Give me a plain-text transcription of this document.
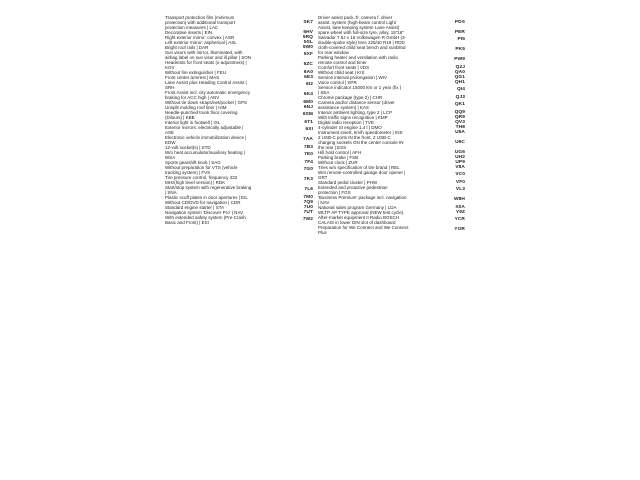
Transport protection film (minimum
protection) with additional transport
protection measures | LAC
SK7
Decorative inserts | EIN	5HV
Right exterior mirror: convex | ASR	5RQ
Left exterior mirror: aspherical | ASL	5SL
Bright roof rails | DAR	5W0
Sun visors with mirror, illuminated, with
airbag label on sun visor and ill.pillar | SON	5XF
Headrests for front seats (x-adjustment) |
KOV	5ZC
Without fire extinguisher | FEU	6A0
Front center armrest | MAS	6E3
Lane Assist plus Heading Control Assist |
SRH	6I2
Front Assist incl. city automatic emergency
braking for ACC high | ANV	6K4
Without tie down straps/net/pocket | GPS	6M0
Unsplit molding roof liner | HIM	6NJ
Needle-punched trunk floor covering
(Dilours) | KBB	6SM
Interior light in footwell | IXL	6T1
Exterior mirrors: electrically adjustable |
ASE	6XI
Electronic vehicle immobilization device |
EDW	7AA
12-volt socket(s) | STD	7B3
W/o heat accumulator/auxiliary heating |
WSA	7E0
Sports gearshift knob | SAG	7F4
Without preparation for VTS (vehicle
tracking system) | FVS	7G0
Tire pressure control, frequency 433
MHz(high level version) | RDK	7K3
Start/stop system with regenerative braking
| SNA	7L6
Plastic scuff plates in door apertures | EIL	7M0
Without CD/DVD for navigation | CDR	7Q9
Standard engine starter | STA	7U0
Navigation system 'Discover Pro' | NAV	7UT
With extended safety system (Pre-Crash
Basic and Front) | ESI	7W2
Driver assist pack.:fr. camera f. driver
assist. system (high-beam control Light
Assist, lane keeping system Lane Assist)
PDS
spare wheel with full-size tyre, alloy, 15"16"	PER
Salvador 7.5J x 16 Volkswagen R GmbH (3-
double-spoke style) tires 225/40 R18 | RDD	PI5
cloth-covered child seat bench and sunblind
for rear window	PK5
Parking heater and ventilation with radio
remote control and timer	PW9
Comfort front seats | VDS	Q2J
Without child seat | KIS	QA0
Service interval prolongation | WIV	QG1
Voice control | SPR	QH1
Service indicator 15000 km or 1 year (fix )
| SEA	QI4
Chrome package (type 2) | CHR	QJ3
Camera and/or distance sensor (driver
assistance system) | KAS	QK1
Interior ambient lighting, type 2 | LCP	QQ9
With traffic signs recognition | KMP	QR9
Digital radio reception | TVE	QV3
4-cylinder SI engine 1.4 l | DMO	TH8
Instrument insert, km/h speedometer | INS	U5A
2 USB-C ports IN the front, 2 USB-C
charging sockets ON the center console IN
the rear | ESS
U9C
Hill hold control | AFH	UG6
Parking brake | FSB	UH2
Without clock | ZUR	UP9
Tires w/o specification of tire brand | REL	V8A
W/o remote-controlled garage door opener |
GRT	VC0
Standard pedal cluster | PHW	VF0
Extended and proactive pedestrian
protection | FGS	VL3
'Business Premium' package incl. navigation
| NAV	W8H
National sales program Germany | LDA	X0A
WLTP AP TYPE approval (NEW test cycle).	Y9Z
After-market equipment II Radio BOSCH
CALAIS in lower DIN slot of dashboard	YCR
Preparation for We Connect and We Connect
Plus	YOR
